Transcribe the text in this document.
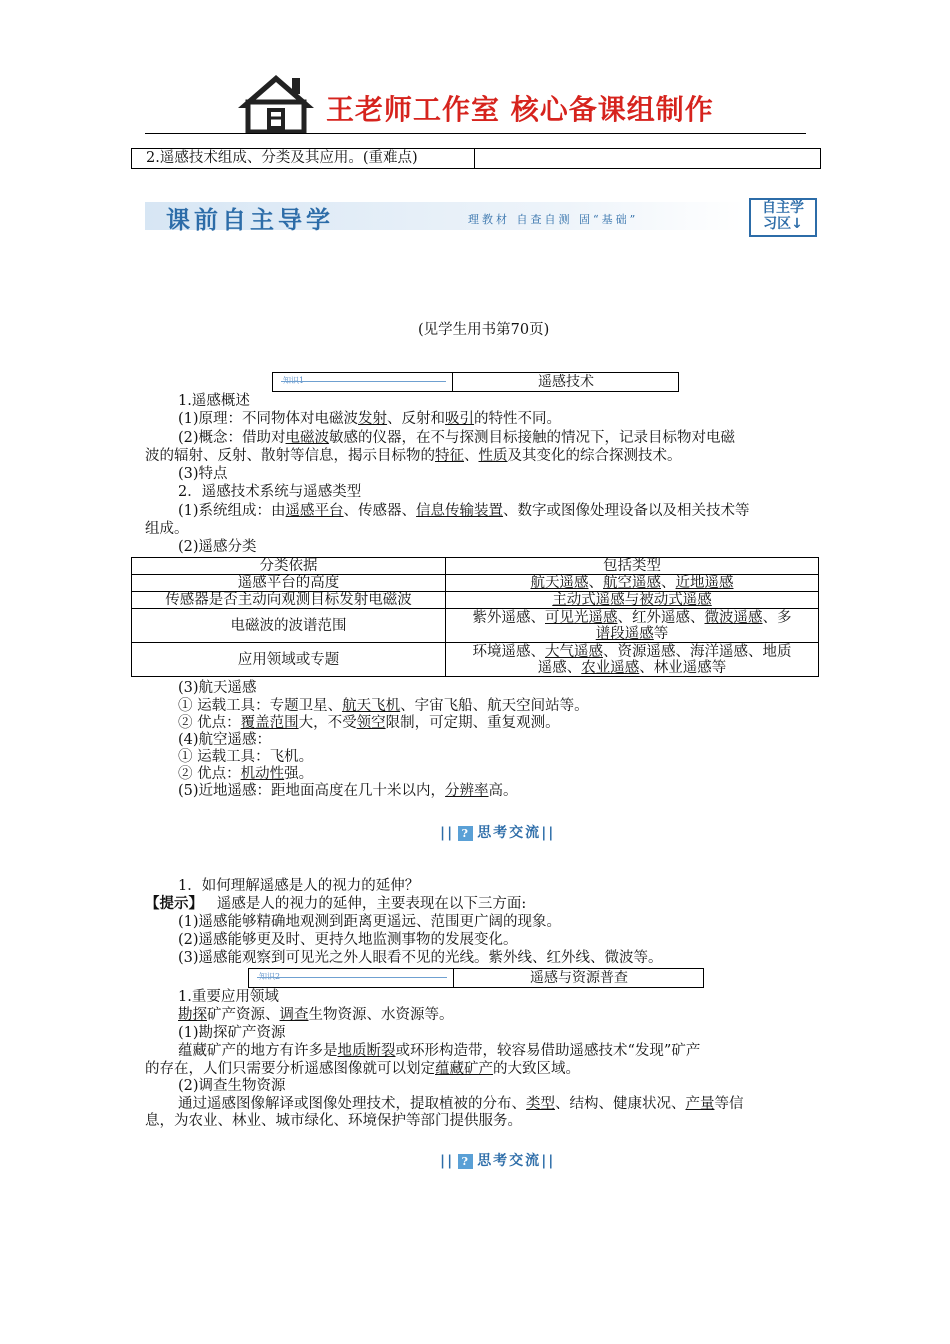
王老师工作室 核心备课组制作
2.遥感技术组成、分类及其应用。(重难点)
课前自主导学	理教材 自查自测 固“基础”
自主学
习区↓
(见学生用书第70页)
遥感技术
1.遥感概述
(1)原理：不同物体对电磁波发射、反射和吸引的特性不同。
(2)概念：借助对电磁波敏感的仪器，在不与探测目标接触的情况下，记录目标物对电磁
波的辐射、反射、散射等信息，揭示目标物的特征、性质及其变化的综合探测技术。
(3)特点
2．遥感技术系统与遥感类型
(1)系统组成：由遥感平台、传感器、信息传输装置、数字或图像处理设备以及相关技术等
组成。
(2)遥感分类
分类依据	包括类型
遥感平台的高度	航天遥感、航空遥感、近地遥感
传感器是否主动向观测目标发射电磁波	主动式遥感与被动式遥感
电磁波的波谱范围	紫外遥感、可见光遥感、红外遥感、微波遥感、多
谱段遥感等

应用领域或专题	环境遥感、大气遥感、资源遥感、海洋遥感、地质
遥感、农业遥感、林业遥感等
(3)航天遥感
① 运载工具：专题卫星、航天飞机、宇宙飞船、航天空间站等。
② 优点：覆盖范围大，不受领空限制，可定期、重复观测。
(4)航空遥感：
① 运载工具：飞机。
② 优点：机动性强。
(5)近地遥感：距地面高度在几十米以内，分辨率高。
|| ? 思考交流||
1．如何理解遥感是人的视力的延伸？
【提示】 遥感是人的视力的延伸，主要表现在以下三方面:
(1)遥感能够精确地观测到距离更遥远、范围更广阔的现象。
(2)遥感能够更及时、更持久地监测事物的发展变化。
(3)遥感能观察到可见光之外人眼看不见的光线。紫外线、红外线、微波等。
遥感与资源普查
1.重要应用领域
勘探矿产资源、调查生物资源、水资源等。
(1)勘探矿产资源
蕴藏矿产的地方有许多是地质断裂或环形构造带，较容易借助遥感技术“发现”矿产
的存在，人们只需要分析遥感图像就可以划定蕴藏矿产的大致区域。
(2)调查生物资源
通过遥感图像解译或图像处理技术，提取植被的分布、类型、结构、健康状况、产量等信
息，为农业、林业、城市绿化、环境保护等部门提供服务。
|| ? 思考交流||
